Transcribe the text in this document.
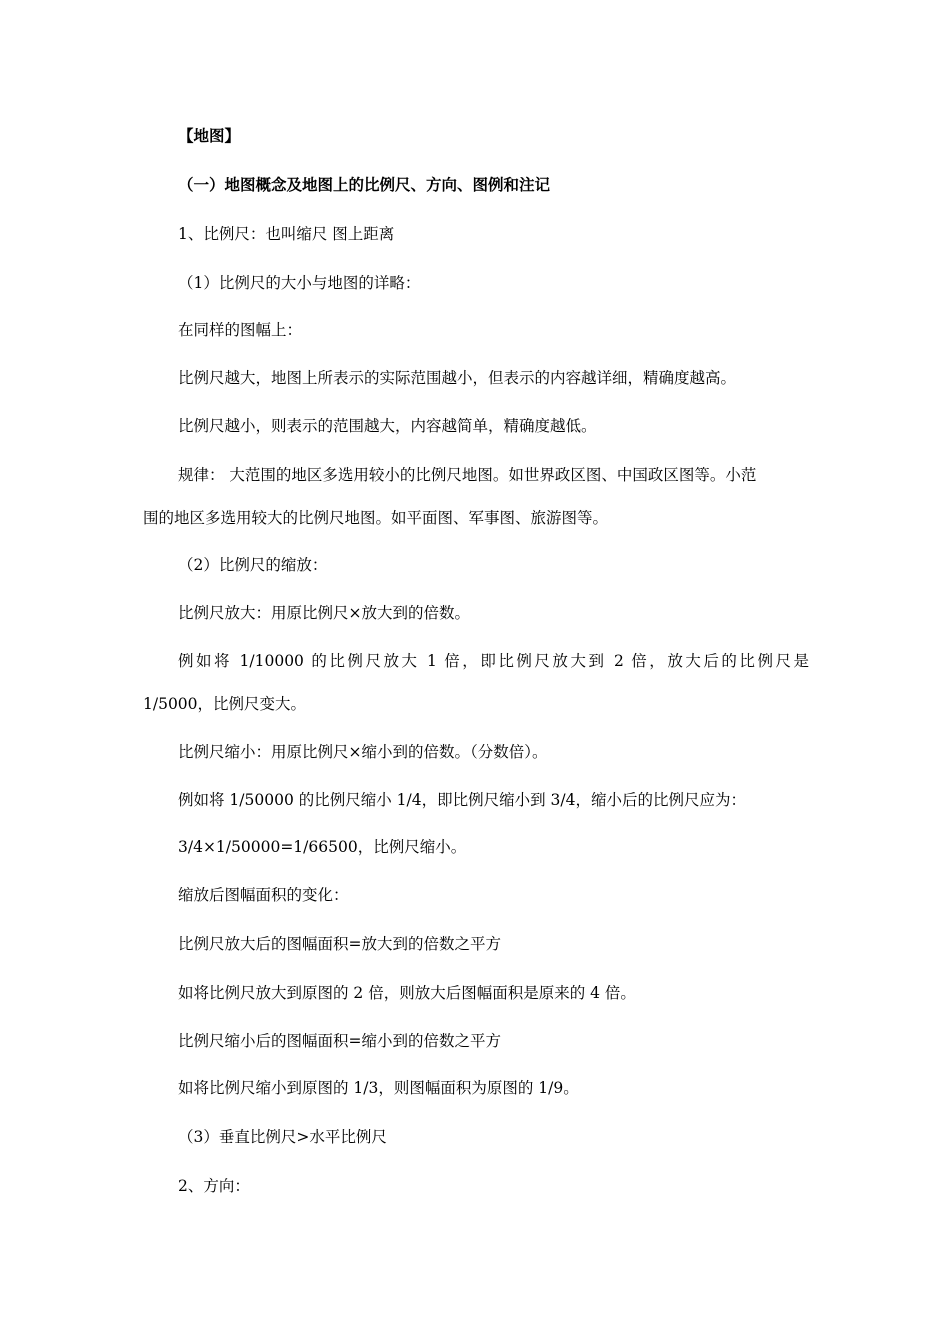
【地图】
（一）地图概念及地图上的比例尺、方向、图例和注记
1、比例尺：也叫缩尺 图上距离
（1）比例尺的大小与地图的详略：
在同样的图幅上：
比例尺越大，地图上所表示的实际范围越小，但表示的内容越详细，精确度越高。
比例尺越小，则表示的范围越大，内容越简单，精确度越低。
规律： 大范围的地区多选用较小的比例尺地图。如世界政区图、中国政区图等。小范
围的地区多选用较大的比例尺地图。如平面图、军事图、旅游图等。
（2）比例尺的缩放：
比例尺放大：用原比例尺×放大到的倍数。
例如将 1/10000 的比例尺放大 1 倍，即比例尺放大到 2 倍，放大后的比例尺是
1/5000，比例尺变大。
比例尺缩小：用原比例尺×缩小到的倍数。（分数倍）。
例如将 1/50000 的比例尺缩小 1/4，即比例尺缩小到 3/4，缩小后的比例尺应为：
3/4×1/50000=1/66500，比例尺缩小。
缩放后图幅面积的变化：
比例尺放大后的图幅面积=放大到的倍数之平方
如将比例尺放大到原图的 2 倍，则放大后图幅面积是原来的 4 倍。
比例尺缩小后的图幅面积=缩小到的倍数之平方
如将比例尺缩小到原图的 1/3，则图幅面积为原图的 1/9。
（3）垂直比例尺>水平比例尺
2、方向：
